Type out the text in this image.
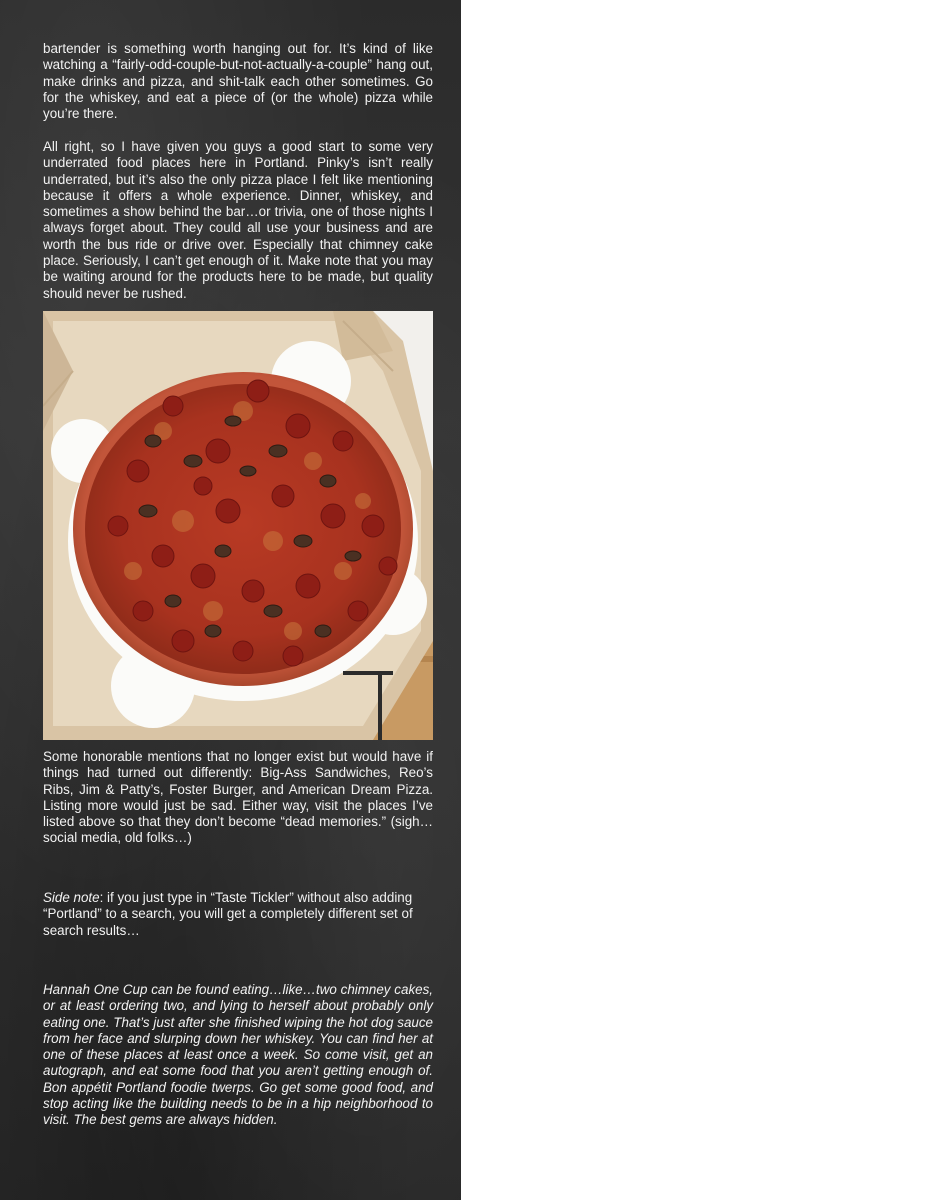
bartender is something worth hanging out for. It’s kind of like watching a “fairly-odd-couple-but-not-actually-a-couple” hang out, make drinks and pizza, and shit-talk each other sometimes. Go for the whiskey, and eat a piece of (or the whole) pizza while you’re there.

All right, so I have given you guys a good start to some very underrated food places here in Portland. Pinky’s isn’t really underrated, but it’s also the only pizza place I felt like mentioning because it offers a whole experience. Dinner, whiskey, and sometimes a show behind the bar…or trivia, one of those nights I always forget about. They could all use your business and are worth the bus ride or drive over. Especially that chimney cake place. Seriously, I can’t get enough of it. Make note that you may be waiting around for the products here to be made, but quality should never be rushed.

Some honorable mentions that no longer exist but would have if things had turned out differently: Big-Ass Sandwiches, Reo’s Ribs, Jim & Patty’s, Foster Burger, and American Dream Pizza. Listing more would just be sad. Either way, visit the places I’ve listed above so that they don’t become “dead memories.” (sigh…social media, old folks…)

Side note: if you just type in “Taste Tickler” without also adding “Portland” to a search, you will get a completely different set of search results…

Hannah One Cup can be found eating…like…two chimney cakes, or at least ordering two, and lying to herself about probably only eating one. That’s just after she finished wiping the hot dog sauce from her face and slurping down her whiskey. You can find her at one of these places at least once a week. So come visit, get an autograph, and eat some food that you aren’t getting enough of. Bon appétit Portland foodie twerps. Go get some good food, and stop acting like the building needs to be in a hip neighborhood to visit. The best gems are always hidden.
